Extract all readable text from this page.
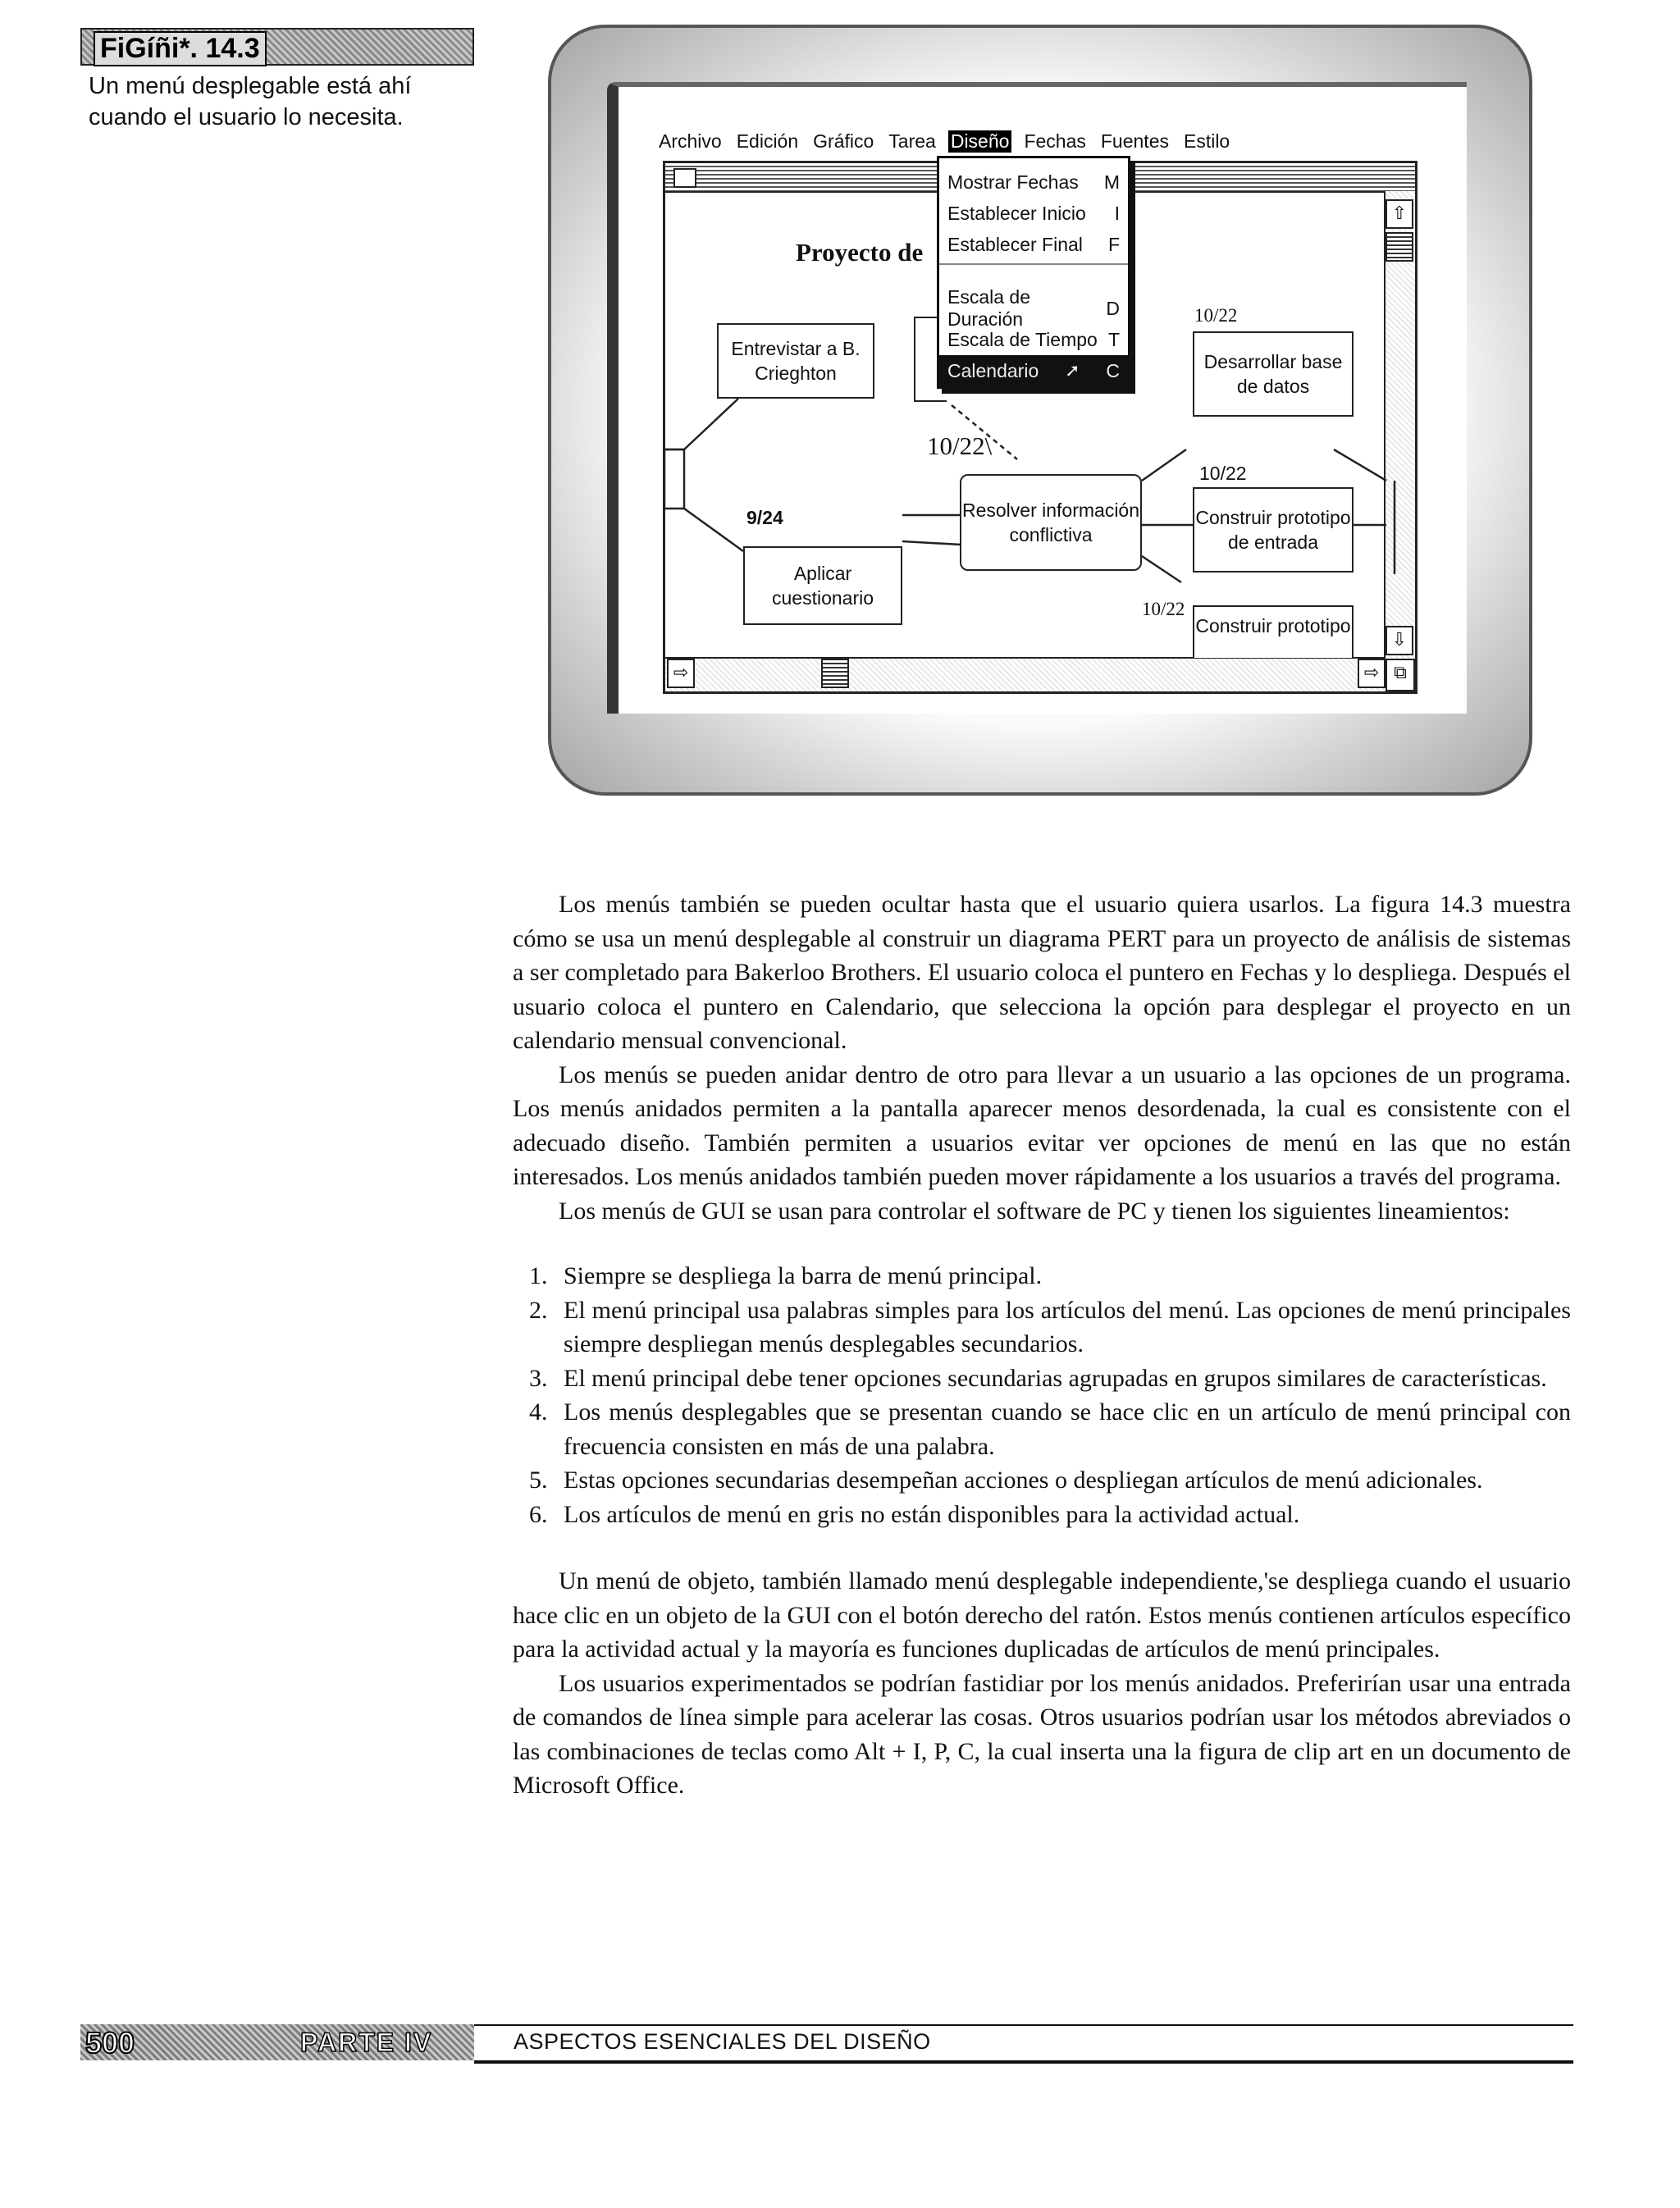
FiGíñi*. 14.3
Un menú desplegable está ahí
cuando el usuario lo necesita.
Archivo Edición Gráfico Tarea Diseño Fechas Fuentes Estilo
⇧
⇩
⇨	⇨ ⧉
Proyecto de
Entrevistar a B. Crieghton
Desarrollar base de datos
Resolver información conflictiva
Construir prototipo de entrada
Aplicar cuestionario
Construir prototipo
10/22
10/22\
10/22
9/24
10/22
Mostrar Fechas M
Establecer Inicio I
Establecer Final F
Escala de Duración
D
Escala de Tiempo T
Calendario ➚ C

Los menús también se pueden ocultar hasta que el usuario quiera usarlos. La figura 14.3 muestra cómo se usa un menú desplegable al construir un diagrama PERT para un proyecto de análisis de sistemas a ser completado para Bakerloo Brothers. El usuario coloca el puntero en Fechas y lo despliega. Después el usuario coloca el puntero en Calendario, que selecciona la opción para desplegar el proyecto en un calendario mensual convencional.

Los menús se pueden anidar dentro de otro para llevar a un usuario a las opciones de un programa. Los menús anidados permiten a la pantalla aparecer menos desordenada, la cual es consistente con el adecuado diseño. También permiten a usuarios evitar ver opciones de menú en las que no están interesados. Los menús anidados también pueden mover rápidamente a los usuarios a través del programa.

Los menús de GUI se usan para controlar el software de PC y tienen los siguientes lineamientos:

1. Siempre se despliega la barra de menú principal.
2. El menú principal usa palabras simples para los artículos del menú. Las opciones de menú principales siempre despliegan menús desplegables secundarios.
3. El menú principal debe tener opciones secundarias agrupadas en grupos similares de características.
4. Los menús desplegables que se presentan cuando se hace clic en un artículo de menú principal con frecuencia consisten en más de una palabra.
5. Estas opciones secundarias desempeñan acciones o despliegan artículos de menú adicionales.
6. Los artículos de menú en gris no están disponibles para la actividad actual.

Un menú de objeto, también llamado menú desplegable independiente,'se despliega cuando el usuario hace clic en un objeto de la GUI con el botón derecho del ratón. Estos menús contienen artículos específico para la actividad actual y la mayoría es funciones duplicadas de artículos de menú principales.

Los usuarios experimentados se podrían fastidiar por los menús anidados. Preferirían usar una entrada de comandos de línea simple para acelerar las cosas. Otros usuarios podrían usar los métodos abreviados o las combinaciones de teclas como Alt + I, P, C, la cual inserta una la figura de clip art en un documento de Microsoft Office.

500	PARTE IV	ASPECTOS ESENCIALES DEL DISEÑO
